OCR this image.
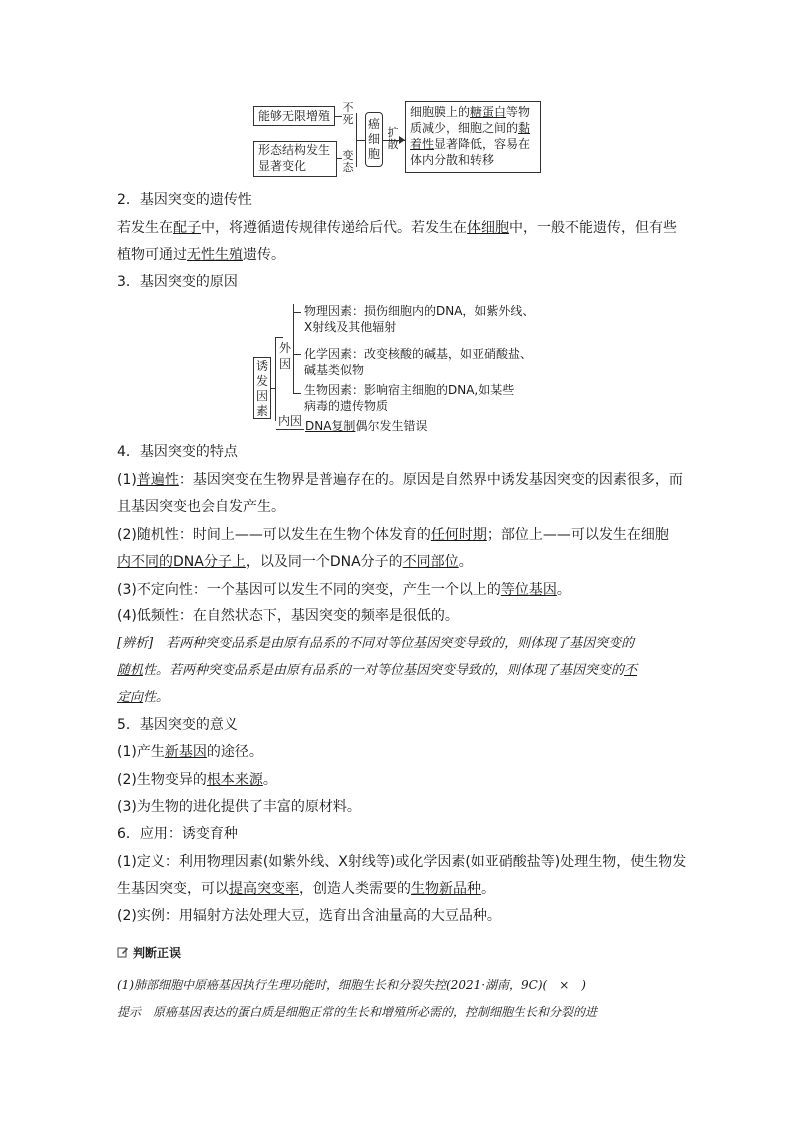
能够无限增殖
形态结构发生
显著变化
不
死
变
态
癌
细
胞
扩
散
细胞膜上的糖蛋白等物
质减少，细胞之间的黏
着性显著降低，容易在
体内分散和转移
2．基因突变的遗传性
若发生在配子中，将遵循遗传规律传递给后代。若发生在体细胞中，一般不能遗传，但有些
植物可通过无性生殖遗传。
3．基因突变的原因
诱
发
因
素
外
因
物理因素：损伤细胞内的DNA，如紫外线、
X射线及其他辐射
化学因素：改变核酸的碱基，如亚硝酸盐、
碱基类似物
生物因素：影响宿主细胞的DNA,如某些
病毒的遗传物质
内因 DNA复制偶尔发生错误
4．基因突变的特点
(1)普遍性：基因突变在生物界是普遍存在的。原因是自然界中诱发基因突变的因素很多，而
且基因突变也会自发产生。
(2)随机性：时间上——可以发生在生物个体发育的任何时期；部位上——可以发生在细胞
内不同的DNA分子上，以及同一个DNA分子的不同部位。
(3)不定向性：一个基因可以发生不同的突变，产生一个以上的等位基因。
(4)低频性：在自然状态下，基因突变的频率是很低的。
[辨析]　若两种突变品系是由原有品系的不同对等位基因突变导致的，则体现了基因突变的
随机性。若两种突变品系是由原有品系的一对等位基因突变导致的，则体现了基因突变的不
定向性。
5．基因突变的意义
(1)产生新基因的途径。
(2)生物变异的根本来源。
(3)为生物的进化提供了丰富的原材料。
6．应用：诱变育种
(1)定义：利用物理因素(如紫外线、X射线等)或化学因素(如亚硝酸盐等)处理生物，使生物发
生基因突变，可以提高突变率，创造人类需要的生物新品种。
(2)实例：用辐射方法处理大豆，选育出含油量高的大豆品种。
判断正误
(1)肺部细胞中原癌基因执行生理功能时，细胞生长和分裂失控(2021·湖南，9C)(　×　)
提示　原癌基因表达的蛋白质是细胞正常的生长和增殖所必需的，控制细胞生长和分裂的进
